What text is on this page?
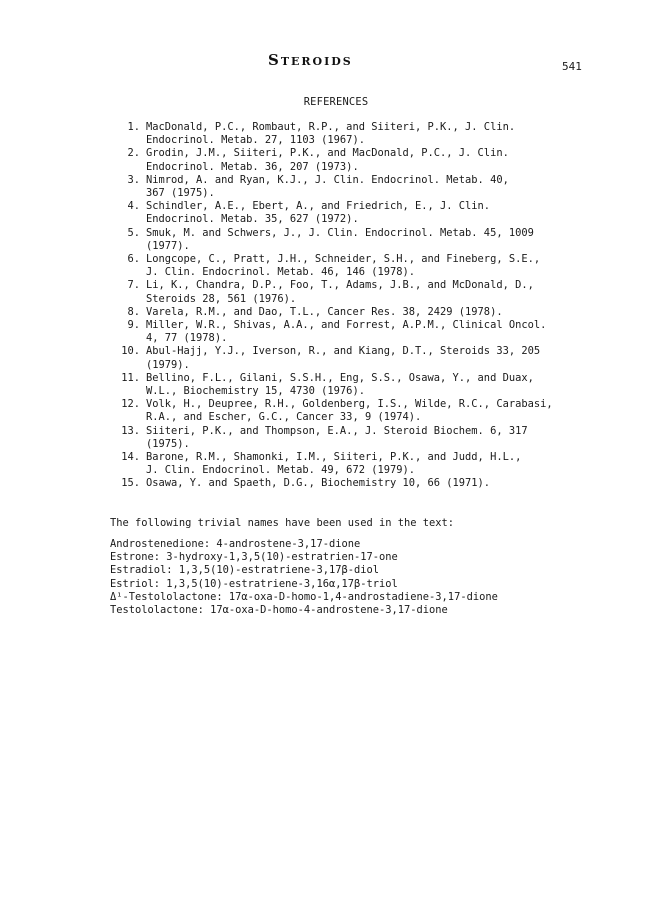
Steroids	541
REFERENCES
1. MacDonald, P.C., Rombaut, R.P., and Siiteri, P.K., J. Clin.
Endocrinol. Metab. 27, 1103 (1967).
2. Grodin, J.M., Siiteri, P.K., and MacDonald, P.C., J. Clin.
Endocrinol. Metab. 36, 207 (1973).
3. Nimrod, A. and Ryan, K.J., J. Clin. Endocrinol. Metab. 40,
367 (1975).
4. Schindler, A.E., Ebert, A., and Friedrich, E., J. Clin.
Endocrinol. Metab. 35, 627 (1972).
5. Smuk, M. and Schwers, J., J. Clin. Endocrinol. Metab. 45, 1009
(1977).
6. Longcope, C., Pratt, J.H., Schneider, S.H., and Fineberg, S.E.,
J. Clin. Endocrinol. Metab. 46, 146 (1978).
7. Li, K., Chandra, D.P., Foo, T., Adams, J.B., and McDonald, D.,
Steroids 28, 561 (1976).
8. Varela, R.M., and Dao, T.L., Cancer Res. 38, 2429 (1978).
9. Miller, W.R., Shivas, A.A., and Forrest, A.P.M., Clinical Oncol.
4, 77 (1978).
10. Abul-Hajj, Y.J., Iverson, R., and Kiang, D.T., Steroids 33, 205
(1979).
11. Bellino, F.L., Gilani, S.S.H., Eng, S.S., Osawa, Y., and Duax,
W.L., Biochemistry 15, 4730 (1976).
12. Volk, H., Deupree, R.H., Goldenberg, I.S., Wilde, R.C., Carabasi,
R.A., and Escher, G.C., Cancer 33, 9 (1974).
13. Siiteri, P.K., and Thompson, E.A., J. Steroid Biochem. 6, 317
(1975).
14. Barone, R.M., Shamonki, I.M., Siiteri, P.K., and Judd, H.L.,
J. Clin. Endocrinol. Metab. 49, 672 (1979).
15. Osawa, Y. and Spaeth, D.G., Biochemistry 10, 66 (1971).
The following trivial names have been used in the text:
Androstenedione: 4-androstene-3,17-dione
Estrone: 3-hydroxy-1,3,5(10)-estratrien-17-one
Estradiol: 1,3,5(10)-estratriene-3,17β-diol
Estriol: 1,3,5(10)-estratriene-3,16α,17β-triol
Δ¹-Testololactone: 17α-oxa-D-homo-1,4-androstadiene-3,17-dione
Testololactone: 17α-oxa-D-homo-4-androstene-3,17-dione
